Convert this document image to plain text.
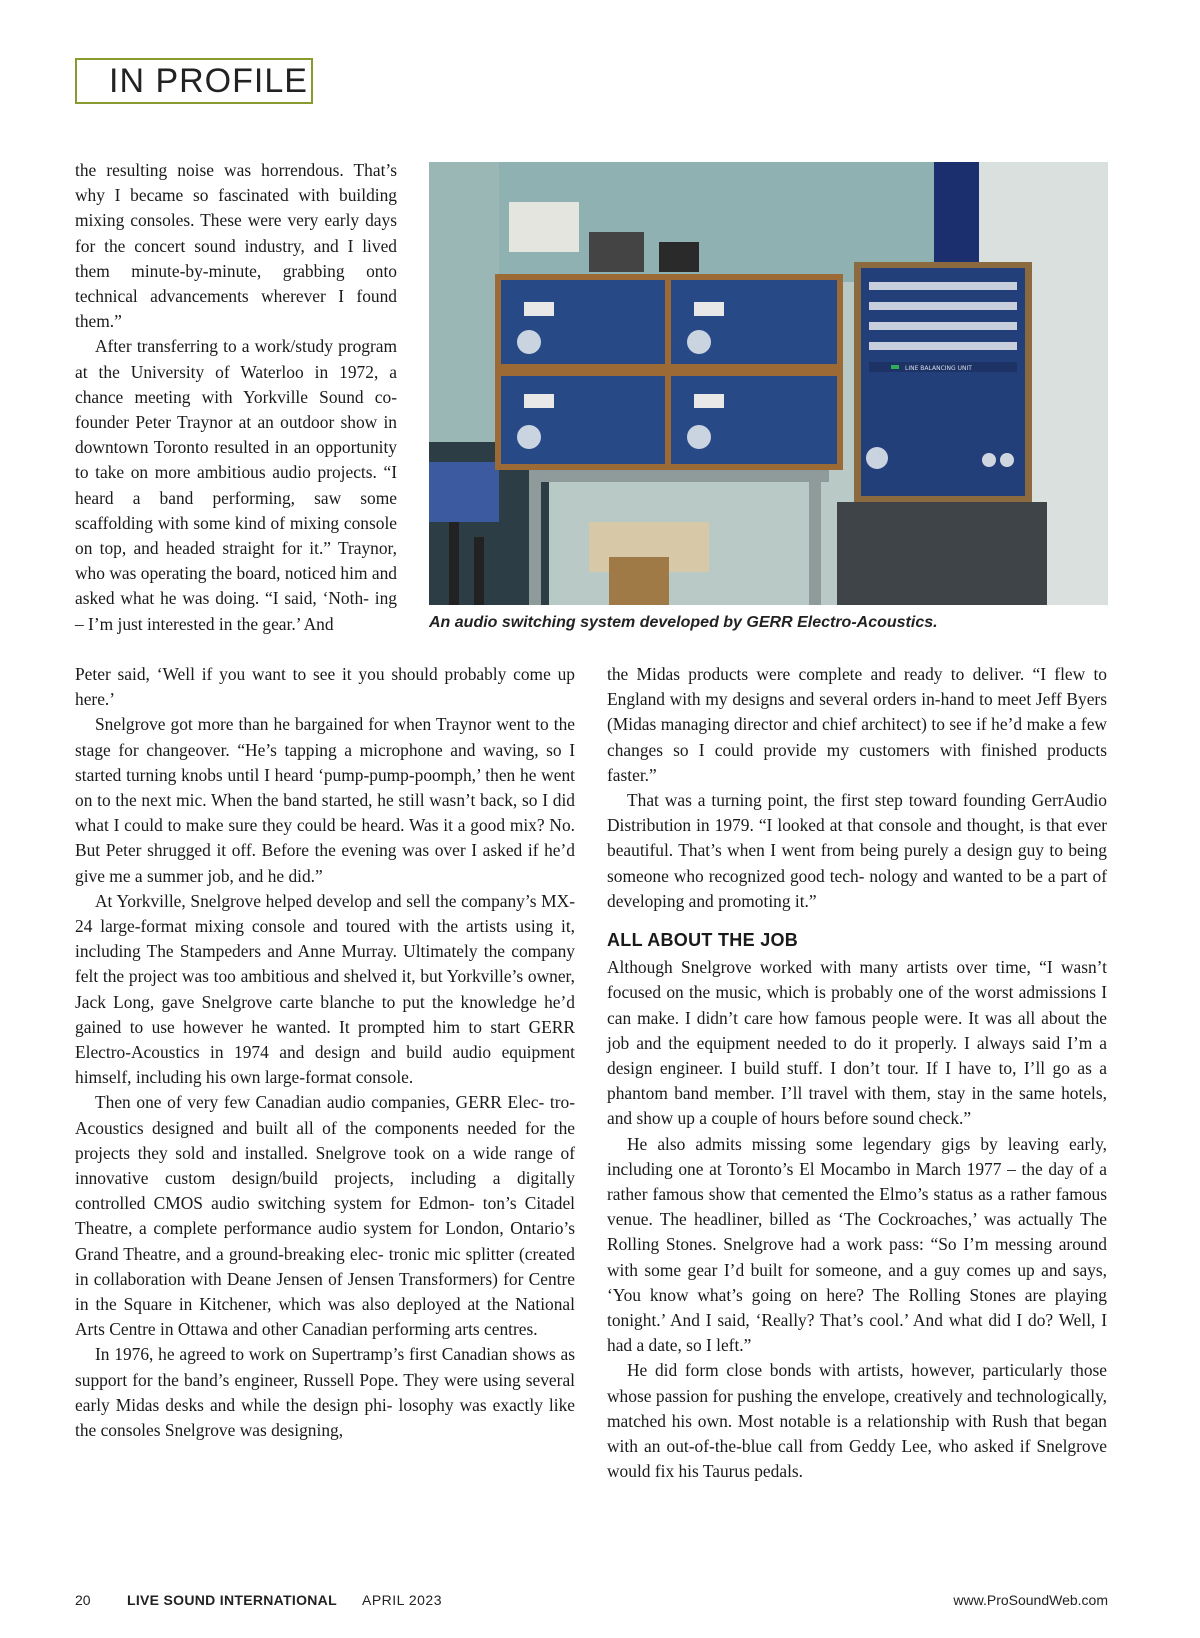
IN PROFILE

the resulting noise was horrendous. That’s why I became so fascinated with building mixing consoles. These were very early days for the concert sound industry, and I lived them minute-by-minute, grabbing onto technical advancements wherever I found them.”

After transferring to a work/study program at the University of Waterloo in 1972, a chance meeting with Yorkville Sound co-founder Peter Traynor at an outdoor show in downtown Toronto resulted in an opportunity to take on more ambitious audio projects. “I heard a band performing, saw some scaffolding with some kind of mixing console on top, and headed straight for it.” Traynor, who was operating the board, noticed him and asked what he was doing. “I said, ‘Noth- ing – I’m just interested in the gear.’ And

LINE BALANCING UNIT
An audio switching system developed by GERR Electro-Acoustics.

Peter said, ‘Well if you want to see it you should probably come up here.’

Snelgrove got more than he bargained for when Traynor went to the stage for changeover. “He’s tapping a microphone and waving, so I started turning knobs until I heard ‘pump-pump-poomph,’ then he went on to the next mic. When the band started, he still wasn’t back, so I did what I could to make sure they could be heard. Was it a good mix? No. But Peter shrugged it off. Before the evening was over I asked if he’d give me a summer job, and he did.”

At Yorkville, Snelgrove helped develop and sell the company’s MX-24 large-format mixing console and toured with the artists using it, including The Stampeders and Anne Murray. Ultimately the company felt the project was too ambitious and shelved it, but Yorkville’s owner, Jack Long, gave Snelgrove carte blanche to put the knowledge he’d gained to use however he wanted. It prompted him to start GERR Electro-Acoustics in 1974 and design and build audio equipment himself, including his own large-format console.

Then one of very few Canadian audio companies, GERR Elec- tro-Acoustics designed and built all of the components needed for the projects they sold and installed. Snelgrove took on a wide range of innovative custom design/build projects, including a digitally controlled CMOS audio switching system for Edmon- ton’s Citadel Theatre, a complete performance audio system for London, Ontario’s Grand Theatre, and a ground-breaking elec- tronic mic splitter (created in collaboration with Deane Jensen of Jensen Transformers) for Centre in the Square in Kitchener, which was also deployed at the National Arts Centre in Ottawa and other Canadian performing arts centres.

In 1976, he agreed to work on Supertramp’s first Canadian shows as support for the band’s engineer, Russell Pope. They were using several early Midas desks and while the design phi- losophy was exactly like the consoles Snelgrove was designing,

the Midas products were complete and ready to deliver. “I flew to England with my designs and several orders in-hand to meet Jeff Byers (Midas managing director and chief architect) to see if he’d make a few changes so I could provide my customers with finished products faster.”

That was a turning point, the first step toward founding GerrAudio Distribution in 1979. “I looked at that console and thought, is that ever beautiful. That’s when I went from being purely a design guy to being someone who recognized good tech- nology and wanted to be a part of developing and promoting it.”

ALL ABOUT THE JOB

Although Snelgrove worked with many artists over time, “I wasn’t focused on the music, which is probably one of the worst admissions I can make. I didn’t care how famous people were. It was all about the job and the equipment needed to do it properly. I always said I’m a design engineer. I build stuff. I don’t tour. If I have to, I’ll go as a phantom band member. I’ll travel with them, stay in the same hotels, and show up a couple of hours before sound check.”

He also admits missing some legendary gigs by leaving early, including one at Toronto’s El Mocambo in March 1977 – the day of a rather famous show that cemented the Elmo’s status as a rather famous venue. The headliner, billed as ‘The Cockroaches,’ was actually The Rolling Stones. Snelgrove had a work pass: “So I’m messing around with some gear I’d built for someone, and a guy comes up and says, ‘You know what’s going on here? The Rolling Stones are playing tonight.’ And I said, ‘Really? That’s cool.’ And what did I do? Well, I had a date, so I left.”

He did form close bonds with artists, however, particularly those whose passion for pushing the envelope, creatively and technologically, matched his own. Most notable is a relationship with Rush that began with an out-of-the-blue call from Geddy Lee, who asked if Snelgrove would fix his Taurus pedals.

20	LIVE SOUND INTERNATIONAL APRIL 2023	www.ProSoundWeb.com
